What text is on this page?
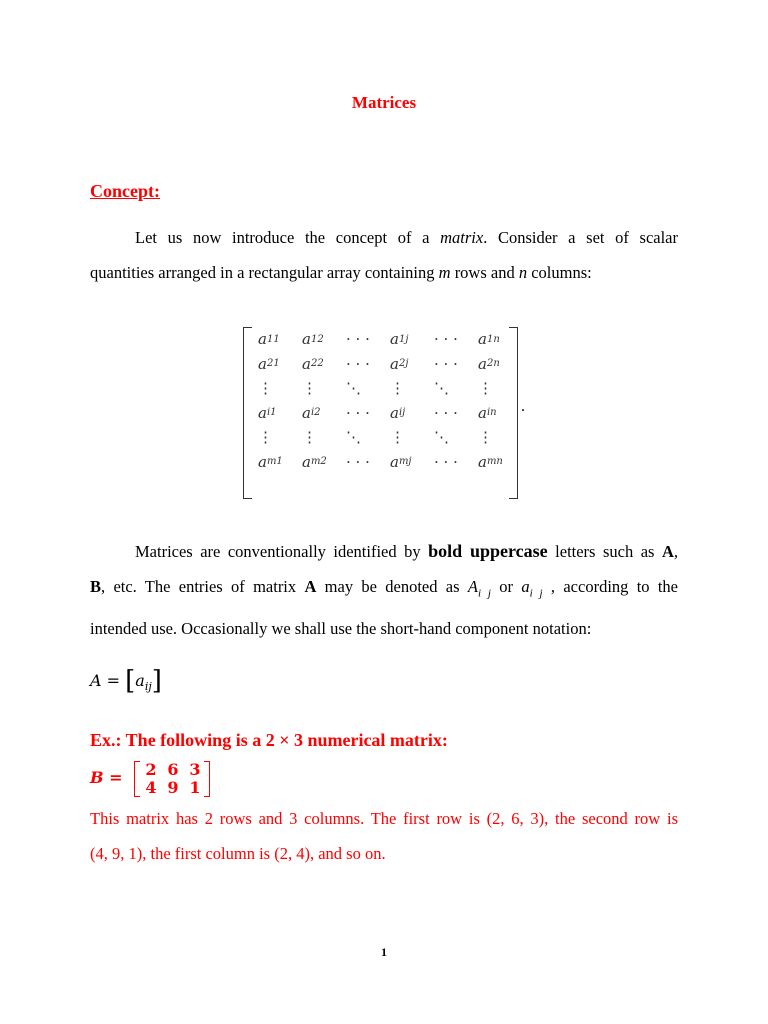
Matrices
Concept:
Let us now introduce the concept of a matrix. Consider a set of scalar
quantities arranged in a rectangular array containing m rows and n columns:
a 11 a 12 · · · a 1j · · · a 1n
a 21 a 22 · · · a 2j · · · a 2n
⋮ ⋮ ⋱ ⋮ ⋱ ⋮
a i1 a i2 · · · a ij · · · a in
⋮ ⋮ ⋱ ⋮ ⋱ ⋮
a m1 a m2 · · · a mj · · · a mn
.
Matrices are conventionally identified by bold uppercase letters such as A,
B, etc. The entries of matrix A may be denoted as $A_{i j}$ or $a_{i j}$ , according to the
intended use. Occasionally we shall use the short-hand component notation:
$A = [a_{ij}]$
Ex.: The following is a 2 × 3 numerical matrix:
B =	2 6 3
4 9 1
This matrix has 2 rows and 3 columns. The first row is (2, 6, 3), the second row is
(4, 9, 1), the first column is (2, 4), and so on.
1
